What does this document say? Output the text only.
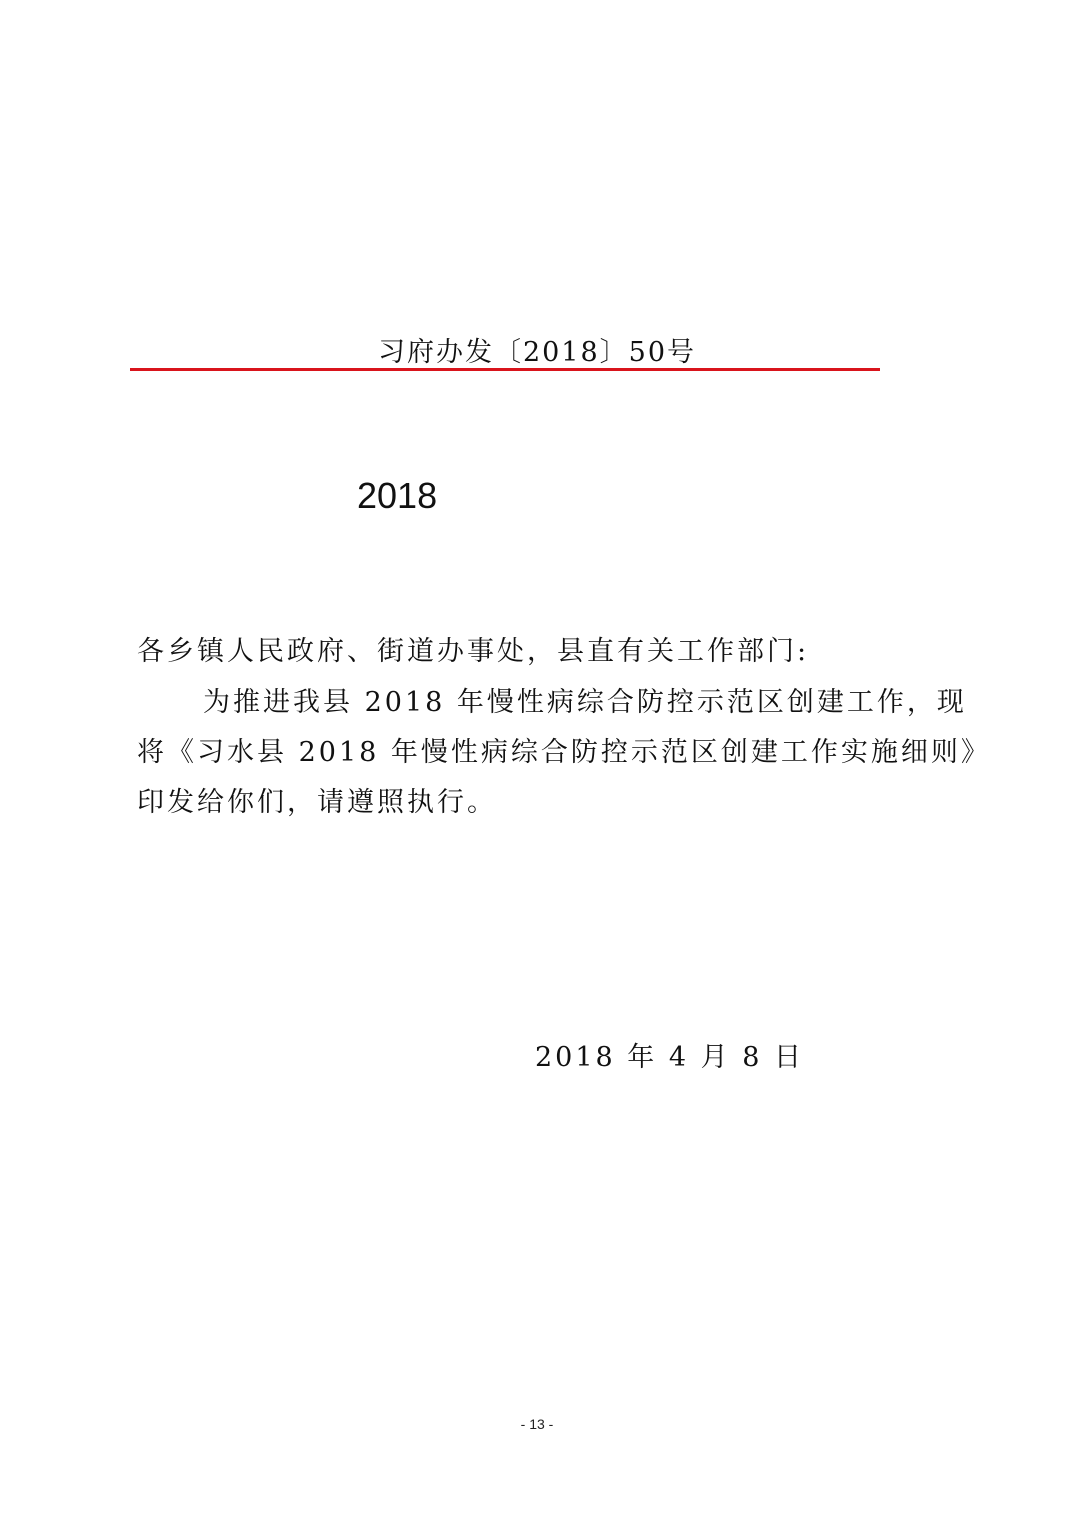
习府办发〔2018〕50号
2018
各乡镇人民政府、街道办事处，县直有关工作部门:
为推进我县 2018 年慢性病综合防控示范区创建工作，现
将《习水县 2018 年慢性病综合防控示范区创建工作实施细则》
印发给你们，请遵照执行。
2018 年 4 月 8 日
- 13 -
